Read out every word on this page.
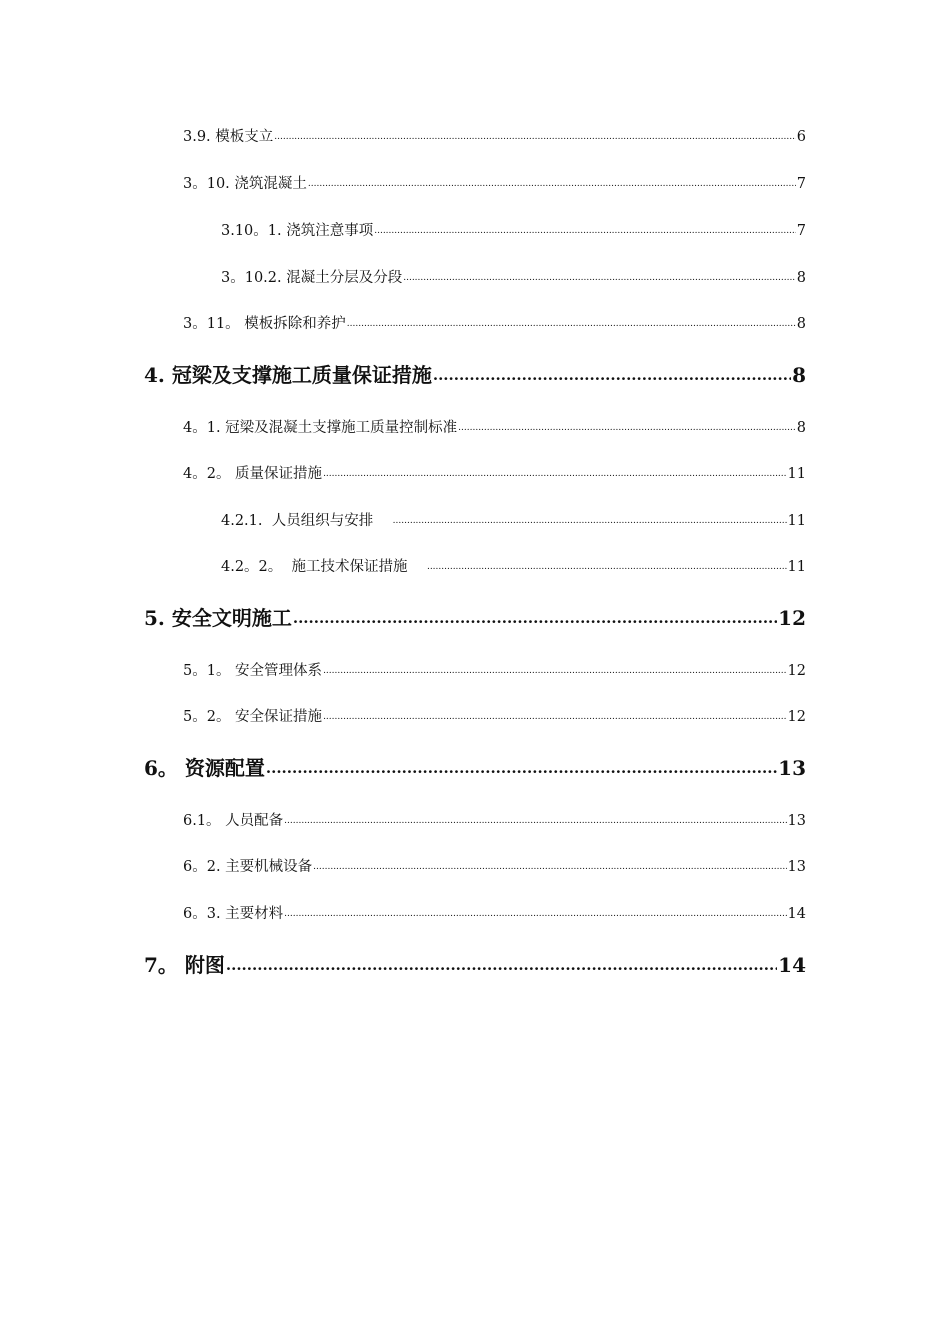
3.9. 模板支立 .....	6
3。10. 浇筑混凝土 .....	7
3.10。1. 浇筑注意事项 .....	7
3。10.2. 混凝土分层及分段 .....	8
3。11。 模板拆除和养护 .....	8
4. 冠梁及支撑施工质量保证措施 .....	8
4。1. 冠梁及混凝土支撑施工质量控制标准 .....	8
4。2。 质量保证措施 .....	11
4.2.1.  人员组织与安排 .....	11
4.2。2。  施工技术保证措施 .....	11
5. 安全文明施工 .....	12
5。1。 安全管理体系 .....	12
5。2。 安全保证措施 .....	12
6。 资源配置 .....	13
6.1。 人员配备 .....	13
6。2. 主要机械设备 .....	13
6。3. 主要材料 .....	14
7。 附图 .....	14
